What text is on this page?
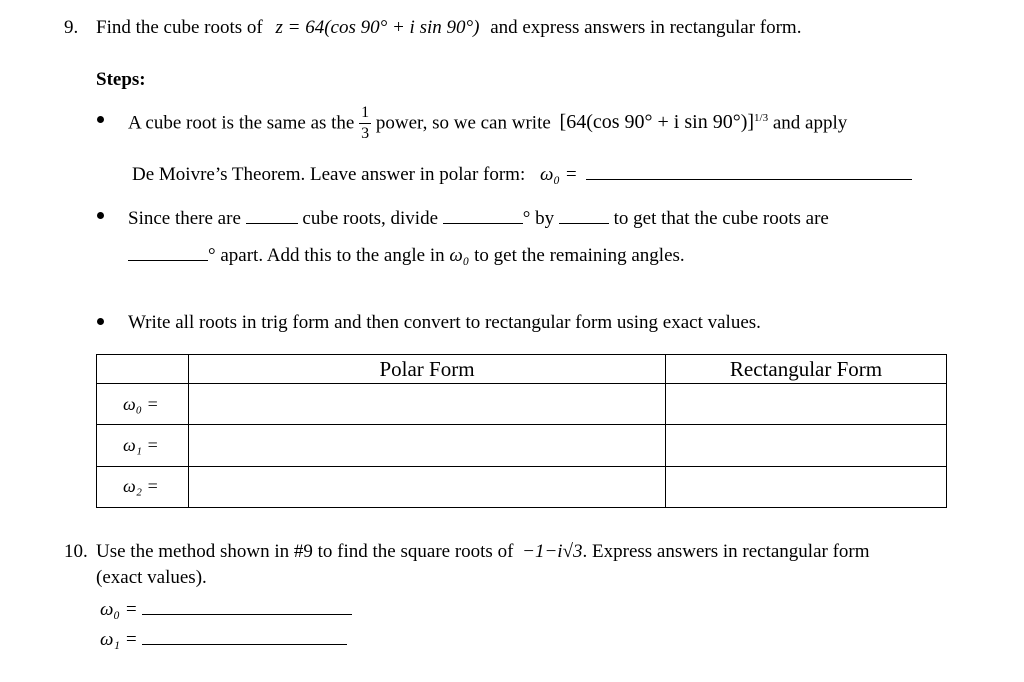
9. Find the cube roots of z = 64(cos 90° + i sin 90°) and express answers in rectangular form.
Steps:
A cube root is the same as the $\frac{1}{3}$ power, so we can write [64(cos 90° + i sin 90°)]$^{1/3}$ and apply
De Moivre’s Theorem. Leave answer in polar form: ω₀ =
Since there are	cube roots, divide	° by	to get that the cube roots are
° apart. Add this to the angle in ω₀ to get the remaining angles.
Write all roots in trig form and then convert to rectangular form using exact values.
	Polar Form	Rectangular Form
ω₀ =		
ω₁ =		
ω₂ =		
10. Use the method shown in #9 to find the square roots of −1−i√3. Express answers in rectangular form
(exact values).
ω₀ =
ω₁ =
